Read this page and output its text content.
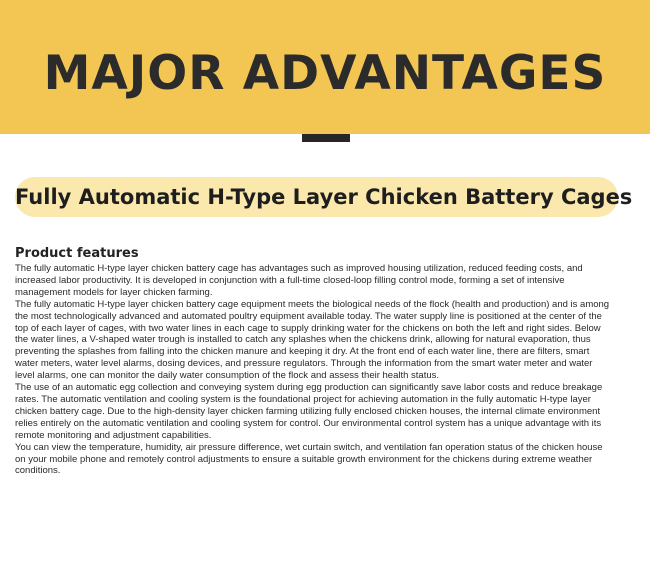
MAJOR ADVANTAGES
Fully Automatic H-Type Layer Chicken Battery Cages
Product features

The fully automatic H-type layer chicken battery cage has advantages such as improved housing utilization, reduced feeding costs, and increased labor productivity. It is developed in conjunction with a full-time closed-loop filling control mode, forming a set of intensive management models for layer chicken farming.

The fully automatic H-type layer chicken battery cage equipment meets the biological needs of the flock (health and production) and is among the most technologically advanced and automated poultry equipment available today. The water supply line is positioned at the center of the top of each layer of cages, with two water lines in each cage to supply drinking water for the chickens on both the left and right sides. Below the water lines, a V-shaped water trough is installed to catch any splashes when the chickens drink, allowing for natural evaporation, thus preventing the splashes from falling into the chicken manure and keeping it dry. At the front end of each water line, there are filters, smart water meters, water level alarms, dosing devices, and pressure regulators. Through the information from the smart water meter and water level alarms, one can monitor the daily water consumption of the flock and assess their health status.

The use of an automatic egg collection and conveying system during egg production can significantly save labor costs and reduce breakage rates. The automatic ventilation and cooling system is the foundational project for achieving automation in the fully automatic H-type layer chicken battery cage. Due to the high-density layer chicken farming utilizing fully enclosed chicken houses, the internal climate environment relies entirely on the automatic ventilation and cooling system for control. Our environmental control system has a unique advantage with its remote monitoring and adjustment capabilities.

You can view the temperature, humidity, air pressure difference, wet curtain switch, and ventilation fan operation status of the chicken house on your mobile phone and remotely control adjustments to ensure a suitable growth environment for the chickens during extreme weather conditions.
